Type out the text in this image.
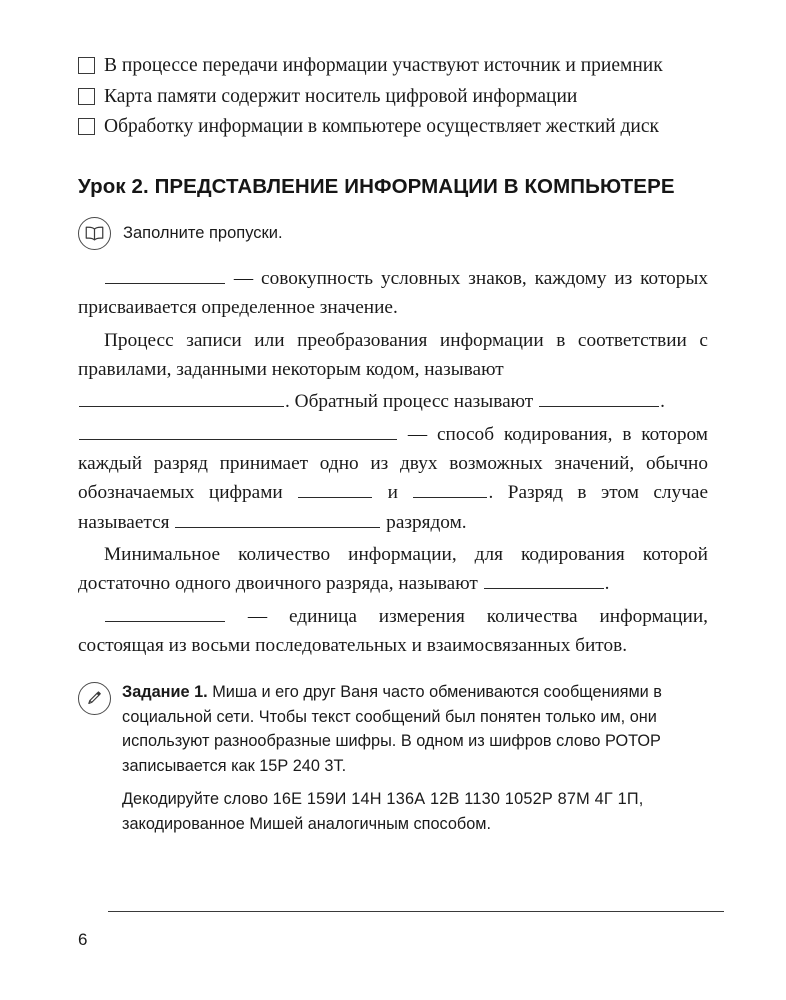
В процессе передачи информации участвуют источник и приемник
Карта памяти содержит носитель цифровой информации
Обработку информации в компьютере осуществляет жесткий диск
Урок 2. ПРЕДСТАВЛЕНИЕ ИНФОРМАЦИИ В КОМПЬЮТЕРЕ
Заполните пропуски.

— совокупность условных знаков, каждому из которых присваивается определенное значение.

Процесс записи или преобразования информации в соответствии с правилами, заданными некоторым кодом, называют

. Обратный процесс называют	.

— способ кодирования, в котором каждый разряд принимает одно из двух возможных значений, обычно обозначаемых цифрами	и	. Разряд в этом случае называется	разрядом.

Минимальное количество информации, для кодирования которой достаточно одного двоичного разряда, называют	.

— единица измерения количества информации, состоящая из восьми последовательных и взаимосвязанных битов.

Задание 1. Миша и его друг Ваня часто обмениваются сообщениями в социальной сети. Чтобы текст сообщений был понятен только им, они используют разнообразные шифры. В одном из шифров слово РОТОР записывается как 15Р 240 3Т.

Декодируйте слово 16Е 159И 14Н 136А 12В 1130 1052Р 87М 4Г 1П, закодированное Мишей аналогичным способом.

6
